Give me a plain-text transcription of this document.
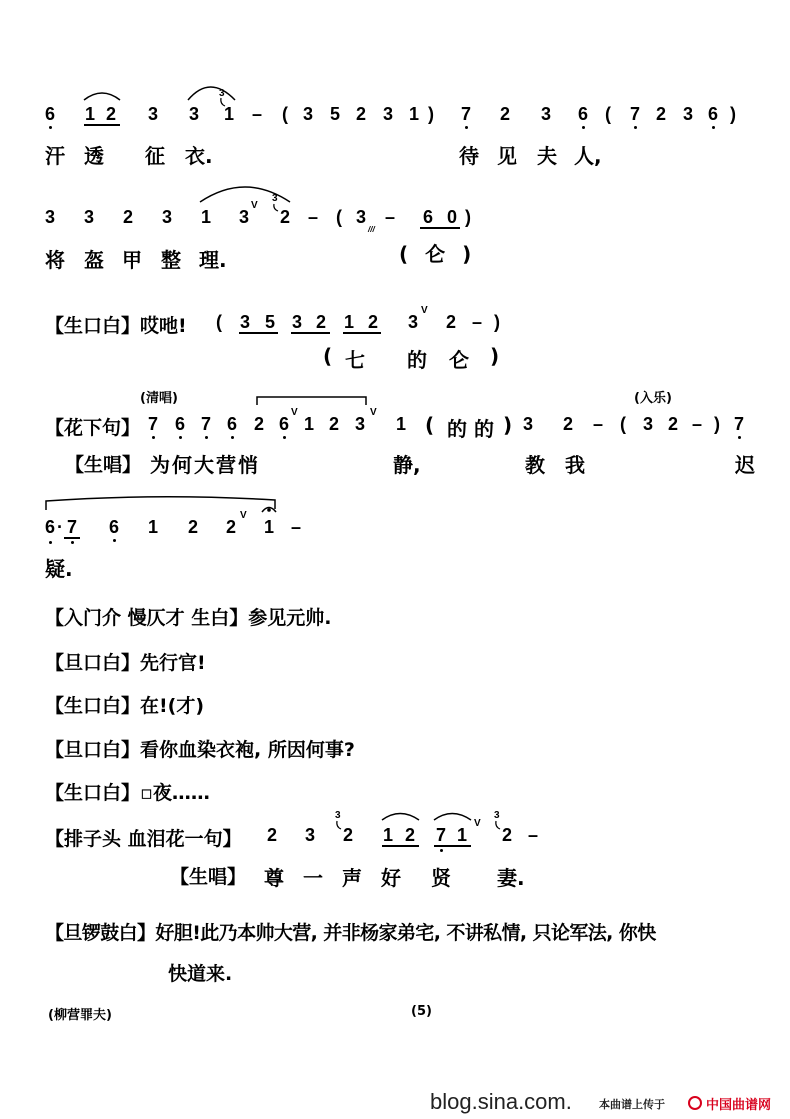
6 1 2 3 3
3
1 – ( 3 5 2 3 1 ) 7 2 3 6 ( 7 2 3 6 )
汗 透 征 衣.	待 见 夫 人,
3 3 2 3 1 3
V
3
2 – ( 3
///
– 6 0 )
将 盔 甲 整 理.	( 仑 )
【生口白】哎吔! ( 3 5 3 2 1 2 3
V
2 – )
( 七 的 仑 )
(清唱)	(入乐)
【花下句】 7 6 7 6 2 6
V
1 2 3
V
1 ( 的 的 ) 3 2 – ( 3 2 – ) 7
【生唱】 为何大营悄	静,	教 我	迟
6 · 7 6 1 2 2
V
1 –
疑.
【入门介 慢仄才 生白】参见元帅.
【旦口白】先行官!
【生口白】在!(才)
【旦口白】看你血染衣袍, 所因何事?
【生口白】▫夜……
【排子头 血泪花一句】 2 3
3
2 1 2 7 1
V
3
2 –
【生唱】 尊 一 声 好 贤 妻.
【旦锣鼓白】好胆!此乃本帅大营, 并非杨家弟宅, 不讲私情, 只论军法, 你快
快道来.
(柳营罪夫)	(5)
blog.sina.com. 本曲谱上传于	中国曲谱网
